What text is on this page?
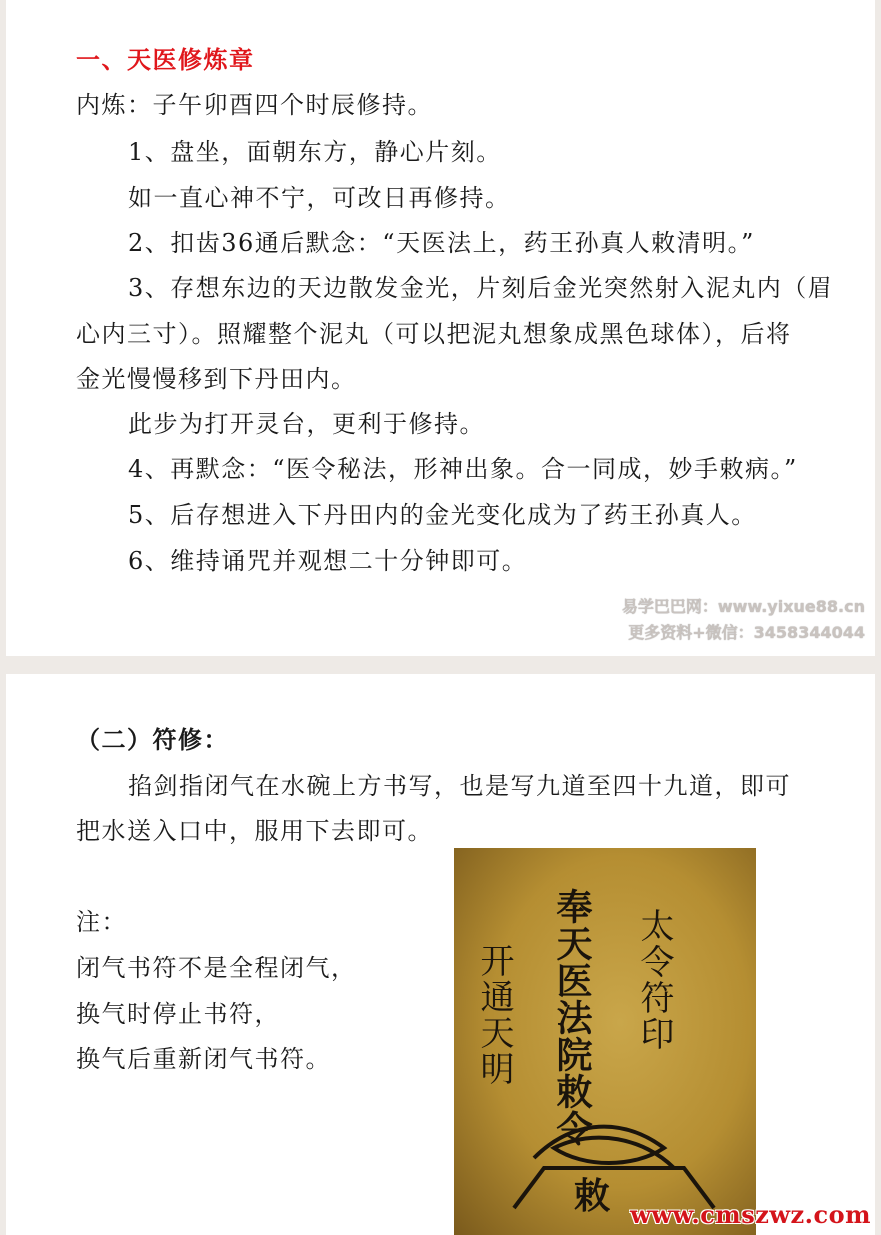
一、天医修炼章
内炼：子午卯酉四个时辰修持。
1、盘坐，面朝东方，静心片刻。
如一直心神不宁，可改日再修持。
2、扣齿36通后默念：“天医法上，药王孙真人敕清明。”
3、存想东边的天边散发金光，片刻后金光突然射入泥丸内（眉
心内三寸）。照耀整个泥丸（可以把泥丸想象成黑色球体），后将
金光慢慢移到下丹田内。
此步为打开灵台，更利于修持。
4、再默念：“医令秘法，形神出象。合一同成，妙手敕病。”
5、后存想进入下丹田内的金光变化成为了药王孙真人。
6、维持诵咒并观想二十分钟即可。
易学巴巴网：www.yixue88.cn
更多资料+微信：3458344044
（二）符修：
掐剑指闭气在水碗上方书写，也是写九道至四十九道，即可
把水送入口中，服用下去即可。
注：
闭气书符不是全程闭气，
换气时停止书符，
换气后重新闭气书符。	开通天明	太令符印
奉天医法院敕令
敕 www.cmszwz.com
